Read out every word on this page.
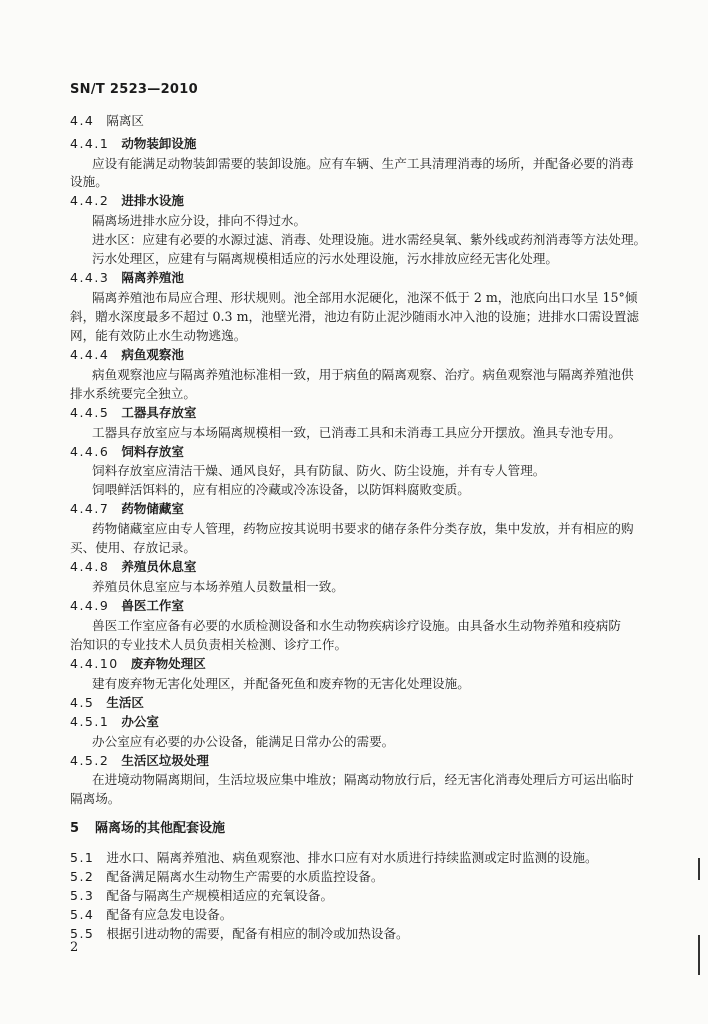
SN/T 2523—2010
4.4 隔离区
4.4.1 动物装卸设施
应设有能满足动物装卸需要的装卸设施。应有车辆、生产工具清理消毒的场所，并配备必要的消毒
设施。
4.4.2 进排水设施
隔离场进排水应分设，排向不得过水。
进水区：应建有必要的水源过滤、消毒、处理设施。进水需经臭氧、紫外线或药剂消毒等方法处理。
污水处理区，应建有与隔离规模相适应的污水处理设施，污水排放应经无害化处理。
4.4.3 隔离养殖池
隔离养殖池布局应合理、形状规则。池全部用水泥硬化，池深不低于 2 m，池底向出口水呈 15°倾
斜，贈水深度最多不超过 0.3 m，池壁光滑，池边有防止泥沙随雨水冲入池的设施；进排水口需设置滤
网，能有效防止水生动物逃逸。
4.4.4 病鱼观察池
病鱼观察池应与隔离养殖池标准相一致，用于病鱼的隔离观察、治疗。病鱼观察池与隔离养殖池供
排水系统要完全独立。
4.4.5 工器具存放室
工器具存放室应与本场隔离规模相一致，已消毒工具和未消毒工具应分开摆放。渔具专池专用。
4.4.6 饲料存放室
饲料存放室应清洁干燥、通风良好，具有防鼠、防火、防尘设施，并有专人管理。
饲喂鲜活饵料的，应有相应的冷藏或冷冻设备，以防饵料腐败变质。
4.4.7 药物储藏室
药物储藏室应由专人管理，药物应按其说明书要求的储存条件分类存放，集中发放，并有相应的购
买、使用、存放记录。
4.4.8 养殖员休息室
养殖员休息室应与本场养殖人员数量相一致。
4.4.9 兽医工作室
兽医工作室应备有必要的水质检测设备和水生动物疾病诊疗设施。由具备水生动物养殖和疫病防
治知识的专业技术人员负责相关检测、诊疗工作。
4.4.10 废弃物处理区
建有废弃物无害化处理区，并配备死鱼和废弃物的无害化处理设施。
4.5 生活区
4.5.1 办公室
办公室应有必要的办公设备，能满足日常办公的需要。
4.5.2 生活区垃圾处理
在进境动物隔离期间，生活垃圾应集中堆放；隔离动物放行后，经无害化消毒处理后方可运出临时
隔离场。
5 隔离场的其他配套设施
5.1 进水口、隔离养殖池、病鱼观察池、排水口应有对水质进行持续监测或定时监测的设施。
5.2 配备满足隔离水生动物生产需要的水质监控设备。
5.3 配备与隔离生产规模相适应的充氧设备。
5.4 配备有应急发电设备。
5.5 根据引进动物的需要，配备有相应的制冷或加热设备。
2
